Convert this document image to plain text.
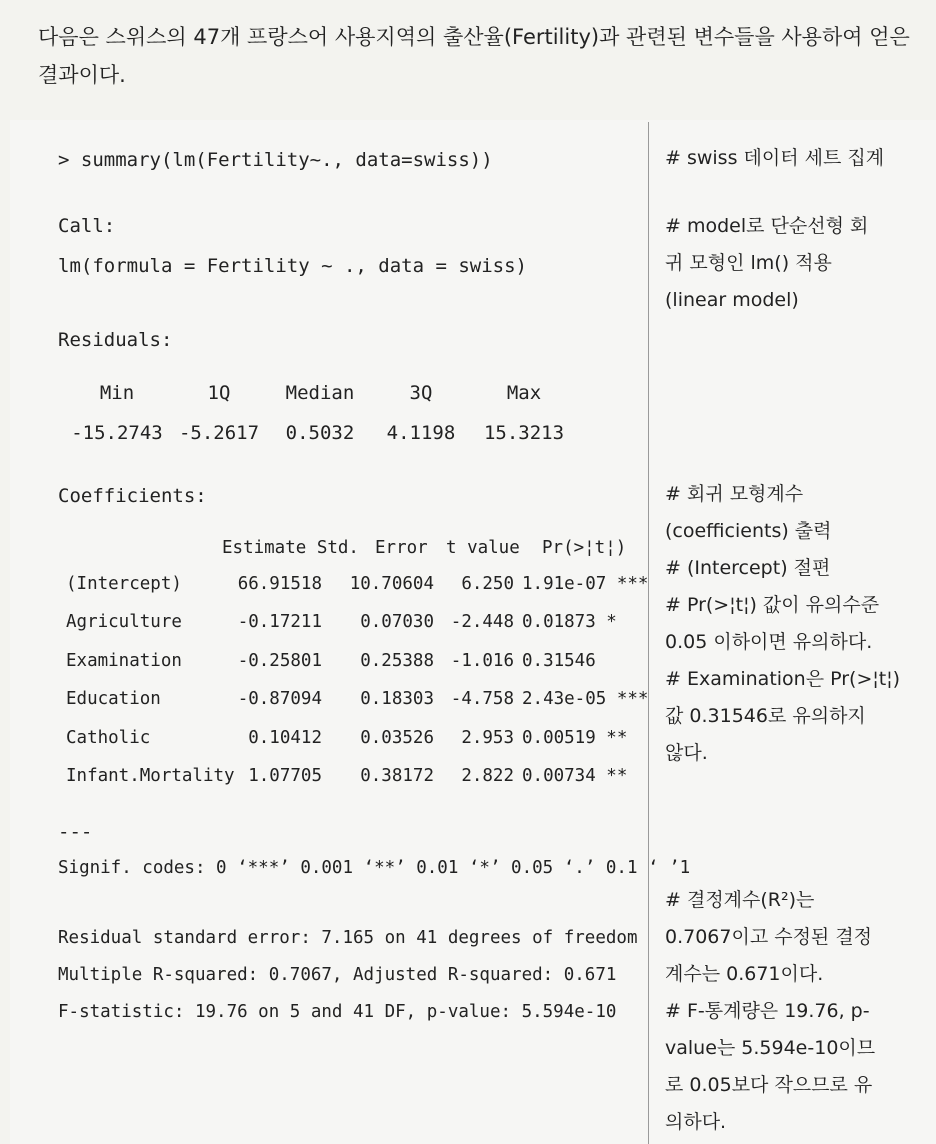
다음은 스위스의 47개 프랑스어 사용지역의 출산율(Fertility)과 관련된 변수들을 사용하여 얻은 결과이다.
> summary(lm(Fertility~., data=swiss))
Call:
lm(formula = Fertility ~ ., data = swiss)
Residuals:
Min	1Q	Median	3Q	Max
-15.2743 -5.2617	0.5032	4.1198	15.3213
Coefficients:
Estimate Std. Error t value Pr(>¦t¦)
(Intercept)	66.91518	10.70604	6.250 1.91e-07 ***
Agriculture	-0.17211	0.07030 -2.448 0.01873 *
Examination	-0.25801	0.25388 -1.016 0.31546
Education	-0.87094	0.18303 -4.758 2.43e-05 ***
Catholic	0.10412	0.03526	2.953 0.00519 **
Infant.Mortality 1.07705	0.38172	2.822 0.00734 **
---
Signif. codes: 0 ‘***’ 0.001 ‘**’ 0.01 ‘*’ 0.05 ‘.’ 0.1 ‘ ’1
Residual standard error: 7.165 on 41 degrees of freedom
Multiple R-squared: 0.7067, Adjusted R-squared: 0.671
F-statistic: 19.76 on 5 and 41 DF, p-value: 5.594e-10
# swiss 데이터 세트 집계
# model로 단순선형 회
귀 모형인 lm() 적용
(linear model)
# 회귀 모형계수
(coefficients) 출력
# (Intercept) 절편
# Pr(>¦t¦) 값이 유의수준
0.05 이하이면 유의하다.
# Examination은 Pr(>¦t¦)
값 0.31546로 유의하지
않다.
# 결정계수(R²)는
0.7067이고 수정된 결정
계수는 0.671이다.
# F-통계량은 19.76, p-
value는 5.594e-10이므
로 0.05보다 작으므로 유
의하다.
